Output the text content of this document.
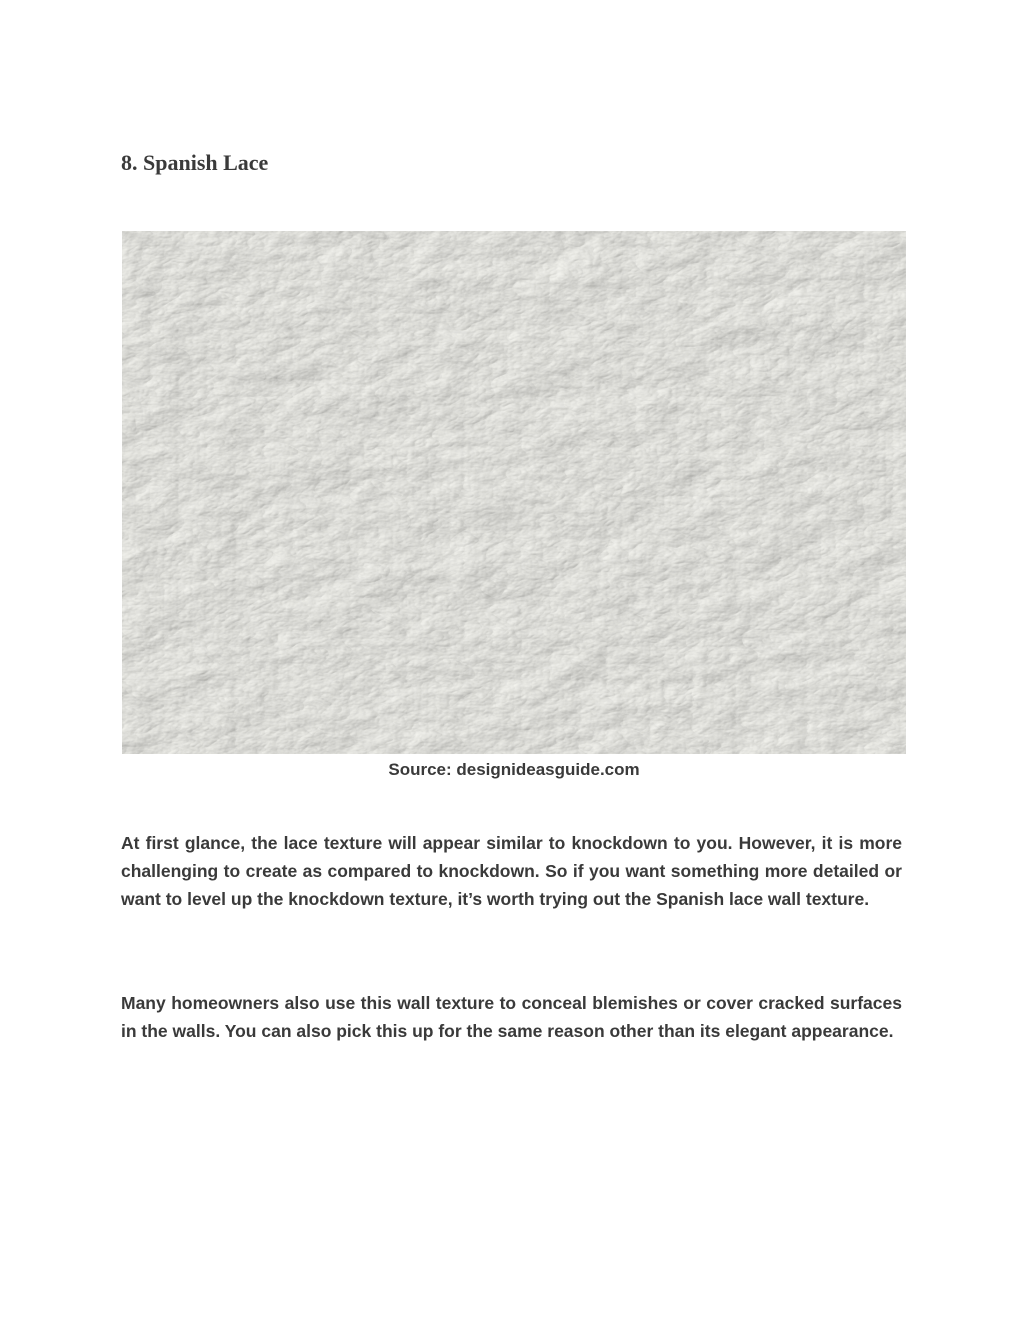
8. Spanish Lace

Source: designideasguide.com

At first glance, the lace texture will appear similar to knockdown to you. However, it is more challenging to create as compared to knockdown. So if you want something more detailed or want to level up the knockdown texture, it’s worth trying out the Spanish lace wall texture.

Many homeowners also use this wall texture to conceal blemishes or cover cracked surfaces in the walls. You can also pick this up for the same reason other than its elegant appearance.
